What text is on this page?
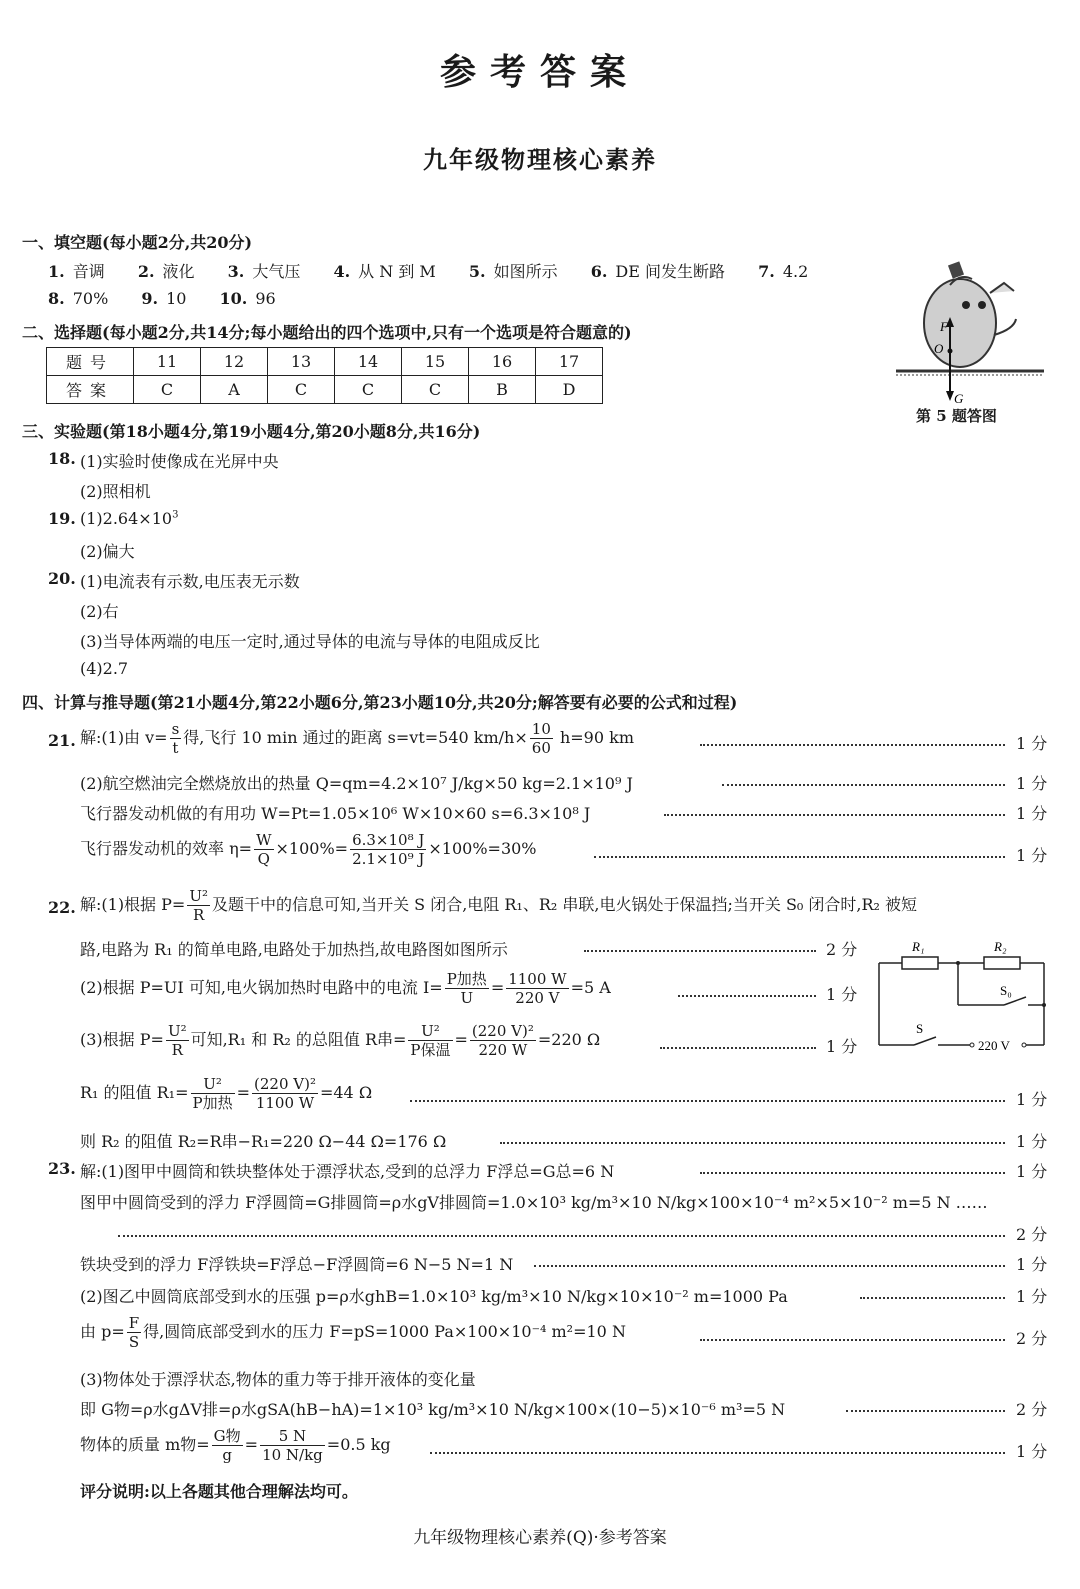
参考答案
九年级物理核心素养
一、填空题(每小题2分,共20分)
1. 音调 2. 液化 3. 大气压 4. 从 N 到 M 5. 如图所示 6. DE 间发生断路 7. 4.2
8. 70% 9. 10 10. 96
F
O
G
第 5 题答图
二、选择题(每小题2分,共14分;每小题给出的四个选项中,只有一个选项是符合题意的)
题号	11	12	13	14	15	16	17
答案	C	A	C	C	C	B	D
三、实验题(第18小题4分,第19小题4分,第20小题8分,共16分)
18. (1)实验时使像成在光屏中央
(2)照相机
19. $(1)2.64\times 10^3$
(2)偏大
20. (1)电流表有示数,电压表无示数
(2)右
(3)当导体两端的电压一定时,通过导体的电流与导体的电阻成反比
(4)2.7
四、计算与推导题(第21小题4分,第22小题6分,第23小题10分,共20分;解答要有必要的公式和过程)
21. 解:(1)由 $v= \frac{s}{t}$ 得,飞行 10 min 通过的距离 s=vt=540 $km/h\times \frac{10}{60} h=90$ km	1 分
(2)航空燃油完全燃烧放出的热量 Q=qm=4.2×10⁷ J/kg×50 kg=2.1×10⁹ J	1 分
飞行器发动机做的有用功 W=Pt=1.05×10⁶ W×10×60 s=6.3×10⁸ J	1 分
飞行器发动机的效率 $\eta= \frac{W}{Q} \times 100\%= \frac{\text{6.3×10⁸ J}}{\text{2.1×10⁹ J}} \times 100\%=30\%$	1 分
22. 解:(1)根据 $P= \frac{\text{U²}}{R}$ 及题干中的信息可知,当开关 S 闭合,电阻 R₁、R₂ 串联,电火锅处于保温挡;当开关 S₀ 闭合时,R₂ 被短
路,电路为 R₁ 的简单电路,电路处于加热挡,故电路图如图所示	2 分
(2)根据 P=UI 可知,电火锅加热时电路中的电流 $I= \frac{\text{P加热}}{U} = \frac{1100 W}{220 V} =5$ A	1 分
(3)根据 $P= \frac{\text{U²}}{R}$ 可知,R₁ 和 R₂ 的总阻值 R串= $\frac{\text{U²}}{\text{P保温}} = \frac{\text{(220 V)²}}{220 W} =220$ Ω	1 分
R₁	R₂
S₀
S
220 V
R₁ 的阻值 $R_1= \frac{\text{U²}}{\text{P加热}} = \frac{\text{(220 V)²}}{1100 W} =44$ Ω	1 分
则 R₂ 的阻值 R₂=R串−R₁=220 Ω−44 Ω=176 Ω	1 分
23. 解:(1)图甲中圆筒和铁块整体处于漂浮状态,受到的总浮力 F浮总=G总=6 N	1 分
图甲中圆筒受到的浮力 F浮圆筒=G排圆筒=ρ水gV排圆筒=1.0×10³ kg/m³×10 N/kg×100×10⁻⁴ m²×5×10⁻² m=5 N ……
2 分
铁块受到的浮力 F浮铁块=F浮总−F浮圆筒=6 N−5 N=1 N	1 分
(2)图乙中圆筒底部受到水的压强 p=ρ水ghB=1.0×10³ kg/m³×10 N/kg×10×10⁻² m=1000 Pa	1 分
由 $p= \frac{F}{S}$ 得,圆筒底部受到水的压力 F=pS=1000 Pa×100×10⁻⁴ m²=10 N	2 分
(3)物体处于漂浮状态,物体的重力等于排开液体的变化量
即 G物=ρ水gΔV排=ρ水gSA(hB−hA)=1×10³ kg/m³×10 N/kg×100×(10−5)×10⁻⁶ m³=5 N	2 分
物体的质量 m物= $\frac{\text{G物}}{g} = \frac{5 N}{10 N/kg} =0.5$ kg	1 分
评分说明:以上各题其他合理解法均可。
九年级物理核心素养(Q)·参考答案
